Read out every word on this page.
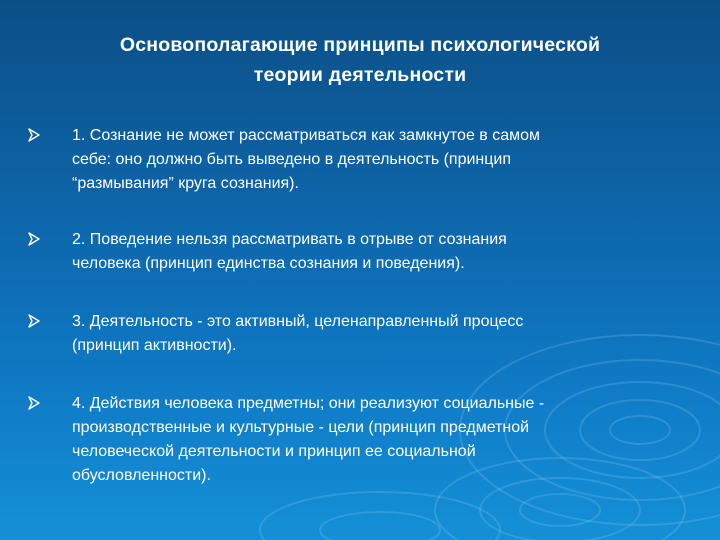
Основополагающие принципы психологической
теории деятельности
1. Сознание не может рассматриваться как замкнутое в самом
себе: оно должно быть выведено в деятельность (принцип
“размывания” круга сознания).
2. Поведение нельзя рассматривать в отрыве от сознания
человека (принцип единства сознания и поведения).
3. Деятельность - это активный, целенаправленный процесс
(принцип активности).
4. Действия человека предметны; они реализуют социальные -
производственные и культурные - цели (принцип предметной
человеческой деятельности и принцип ее социальной
обусловленности).
